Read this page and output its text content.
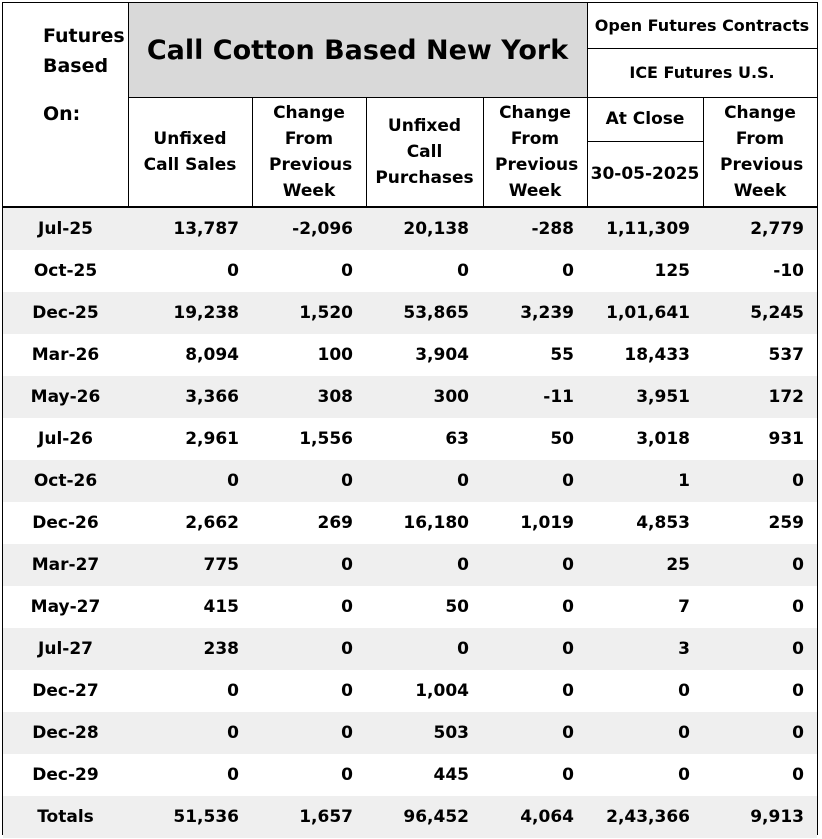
Call Cotton Based New York
Futures
Based
On:
Open Futures Contracts
ICE Futures U.S.
Unfixed Call Sales
Change From Previous Week
Unfixed Call Purchases
Change From Previous Week
At Close
30-05-2025
Change From Previous Week
Jul-25	13,787	-2,096	20,138	-288	1,11,309	2,779
Oct-25	0	0	0	0	125	-10
Dec-25	19,238	1,520	53,865	3,239	1,01,641	5,245
Mar-26	8,094	100	3,904	55	18,433	537
May-26	3,366	308	300	-11	3,951	172
Jul-26	2,961	1,556	63	50	3,018	931
Oct-26	0	0	0	0	1	0
Dec-26	2,662	269	16,180	1,019	4,853	259
Mar-27	775	0	0	0	25	0
May-27	415	0	50	0	7	0
Jul-27	238	0	0	0	3	0
Dec-27	0	0	1,004	0	0	0
Dec-28	0	0	503	0	0	0
Dec-29	0	0	445	0	0	0
Totals	51,536	1,657	96,452	4,064	2,43,366	9,913
